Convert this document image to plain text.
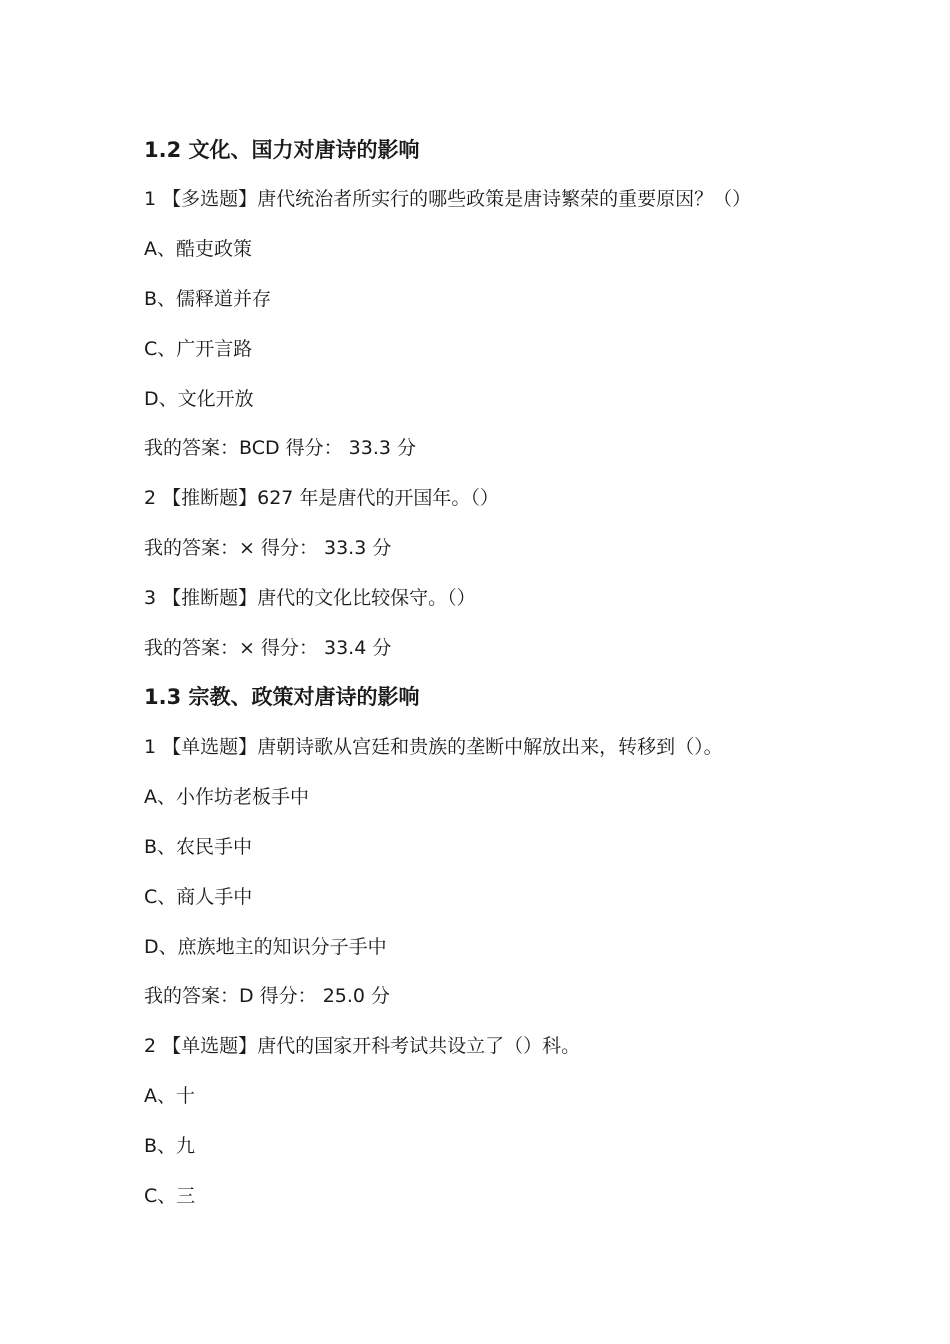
1.2 文化、国力对唐诗的影响
1 【多选题】唐代统治者所实行的哪些政策是唐诗繁荣的重要原因？（）
A、酷吏政策
B、儒释道并存
C、广开言路
D、文化开放
我的答案：BCD 得分： 33.3 分
2 【推断题】627 年是唐代的开国年。（）
我的答案：× 得分： 33.3 分
3 【推断题】唐代的文化比较保守。（）
我的答案：× 得分： 33.4 分
1.3 宗教、政策对唐诗的影响
1 【单选题】唐朝诗歌从宫廷和贵族的垄断中解放出来，转移到（）。
A、小作坊老板手中
B、农民手中
C、商人手中
D、庶族地主的知识分子手中
我的答案：D 得分： 25.0 分
2 【单选题】唐代的国家开科考试共设立了（）科。
A、十
B、九
C、三
